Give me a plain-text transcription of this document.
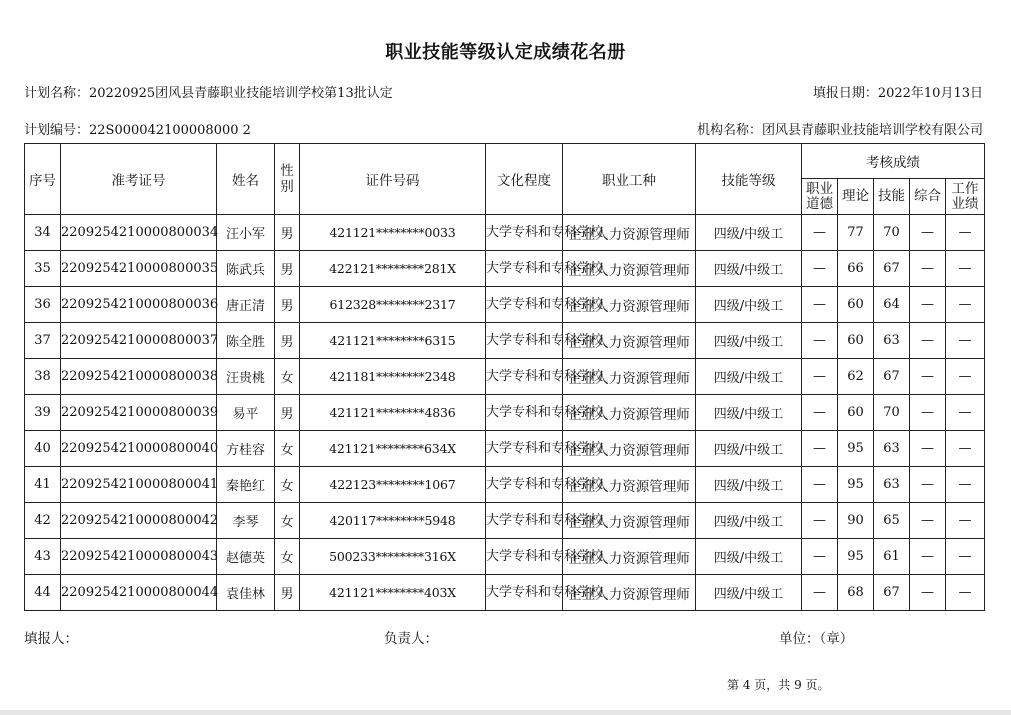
职业技能等级认定成绩花名册
计划名称：20220925团风县青藤职业技能培训学校第13批认定	填报日期：2022年10月13日
计划编号：22S000042100008000 2	机构名称：团风县青藤职业技能培训学校有限公司
序号	准考证号	姓名	性别	证件号码	文化程度	职业工种	技能等级	考核成绩				
								职业道德	理论	技能	综合	工作业绩
34	2209254210000800034	汪小军	男	421121********0033	大学专科和专科学校	企业人力资源管理师	四级/中级工	—	77	70	—	—
35	2209254210000800035	陈武兵	男	422121********281X	大学专科和专科学校	企业人力资源管理师	四级/中级工	—	66	67	—	—
36	2209254210000800036	唐正清	男	612328********2317	大学专科和专科学校	企业人力资源管理师	四级/中级工	—	60	64	—	—
37	2209254210000800037	陈全胜	男	421121********6315	大学专科和专科学校	企业人力资源管理师	四级/中级工	—	60	63	—	—
38	2209254210000800038	汪贵桃	女	421181********2348	大学专科和专科学校	企业人力资源管理师	四级/中级工	—	62	67	—	—
39	2209254210000800039	易平	男	421121********4836	大学专科和专科学校	企业人力资源管理师	四级/中级工	—	60	70	—	—
40	2209254210000800040	方桂容	女	421121********634X	大学专科和专科学校	企业人力资源管理师	四级/中级工	—	95	63	—	—
41	2209254210000800041	秦艳红	女	422123********1067	大学专科和专科学校	企业人力资源管理师	四级/中级工	—	95	63	—	—
42	2209254210000800042	李琴	女	420117********5948	大学专科和专科学校	企业人力资源管理师	四级/中级工	—	90	65	—	—
43	2209254210000800043	赵德英	女	500233********316X	大学专科和专科学校	企业人力资源管理师	四级/中级工	—	95	61	—	—
44	2209254210000800044	袁佳林	男	421121********403X	大学专科和专科学校	企业人力资源管理师	四级/中级工	—	68	67	—	—
填报人：	负责人：	单位：（章）
第 4 页，共 9 页。
